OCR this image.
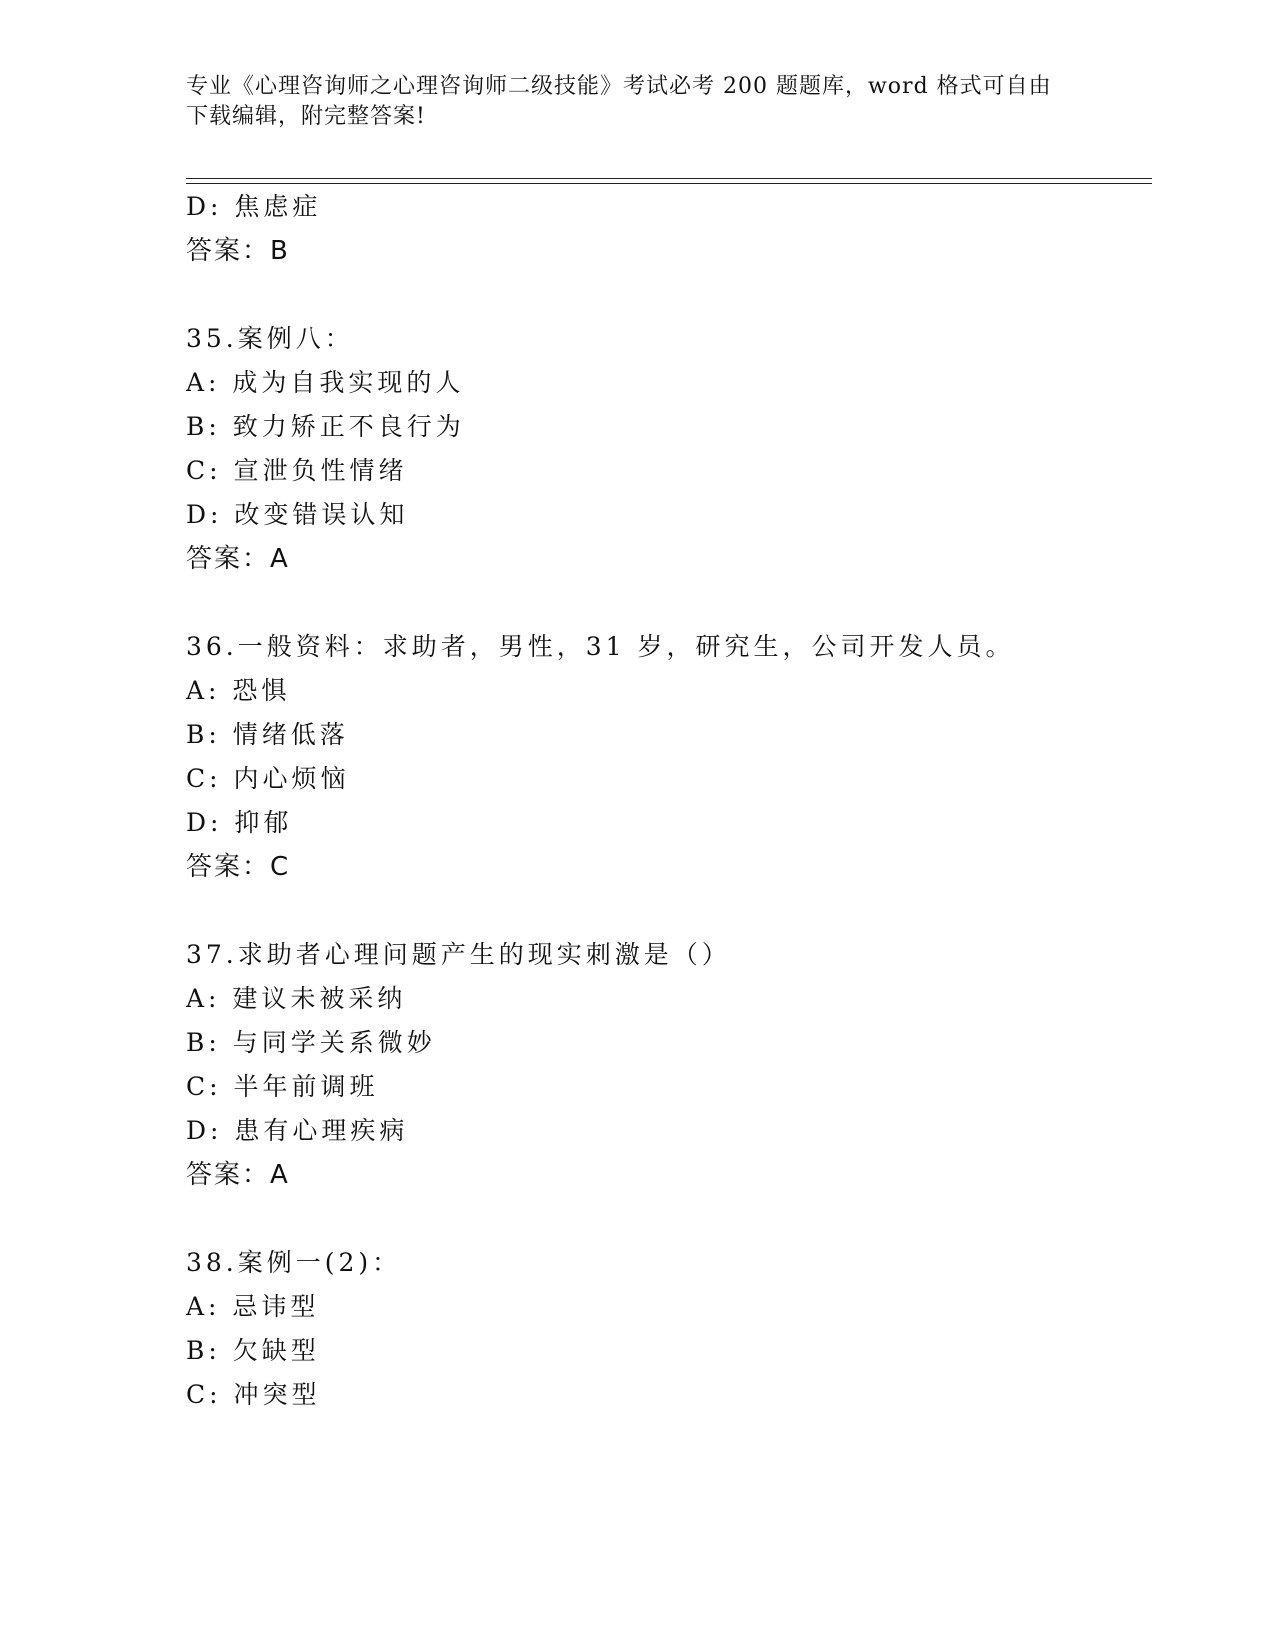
专业《心理咨询师之心理咨询师二级技能》考试必考 200 题题库，word 格式可自由下载编辑，附完整答案!
D: 焦虑症
答案：B
35.案例八：
A: 成为自我实现的人
B: 致力矫正不良行为
C: 宣泄负性情绪
D: 改变错误认知
答案：A
36.一般资料：求助者，男性，31 岁，研究生，公司开发人员。
A: 恐惧
B: 情绪低落
C: 内心烦恼
D: 抑郁
答案：C
37.求助者心理问题产生的现实刺激是（）
A: 建议未被采纳
B: 与同学关系微妙
C: 半年前调班
D: 患有心理疾病
答案：A
38.案例一(2)：
A: 忌讳型
B: 欠缺型
C: 冲突型
